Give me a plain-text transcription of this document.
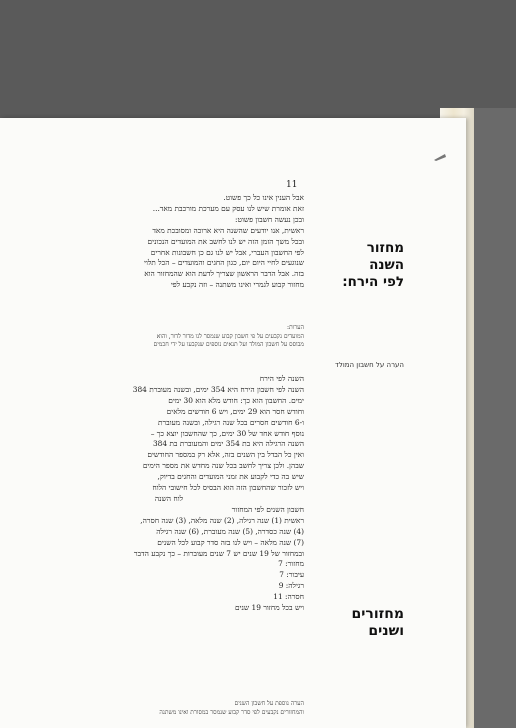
11
אבל הענין אינו כל כך פשוט.
זאת אומרת שיש לנו עסק עם מערכת מורכבת מאד...
ובכן נעשה חשבון פשוט:
ראשית, אנו יודעים שהשנה היא ארוכה ומסובכת מאד
ובכל משך הזמן הזה יש לנו לחשב את המועדים הנכונים
לפי החשבון העברי, אבל יש לנו גם כן חשבונות אחרים
שנוגעים לחיי היום יום, כגון החגים והמועדים – הכל תלוי
בזה. אבל הדבר הראשון שצריך לדעת הוא שהמחזור הוא
מחזור קבוע לגמרי ואינו משתנה – וזה נקבע לפי
הערות:
המועדים נקבעים על פי חשבון קבוע שנמסר לנו מדור לדור, והוא
מבוסס על חשבון המולד ועל תנאים נוספים שנקבעו על ידי חכמים
השנה לפי הירח
השנה לפי חשבון הירח היא 354 ימים, ובשנה מעוברת 384
ימים. החשבון הוא כך: חודש מלא הוא 30 ימים
וחודש חסר הוא 29 ימים, ויש 6 חודשים מלאים
ו-6 חודשים חסרים בכל שנה רגילה, ובשנה מעוברת
נוסף חודש אחד של 30 ימים, כך שהחשבון יוצא כך –
השנה הרגילה היא בת 354 ימים והמעוברת בת 384
ואין כל הבדל בין השנים בזה, אלא רק במספר החודשים
שבהן. ולכן צריך לחשב בכל שנה מחדש את מספר הימים
שיש בה כדי לקבוע את זמני המועדים והחגים בדיוק,
ויש לזכור שהחשבון הזה הוא הבסיס לכל חישובי הלוח
לוח השנה
חשבון השנים לפי המחזור
ראשית (1) שנה רגילה, (2) שנה מלאה, (3) שנה חסרה,
(4) שנה כסדרה, (5) שנה מעוברת, (6) שנה רגילה
(7) שנה מלאה – ויש לנו בזה סדר קבוע לכל השנים
ובמחזור של 19 שנים יש 7 שנים מעוברות – כך נקבע הדבר
מחזור: 7
עיבור: 7
רגילה: 9
חסרה: 11
ויש בכל מחזור 19 שנים
הערה נוספת על חשבון השנים
והמחזורים נקבעים לפי סדר קבוע שנמסר במסורת ואינו משתנה
מחזור
השנה
לפי הירח:
הערה על חשבון המולד
מחזורים
ושנים
